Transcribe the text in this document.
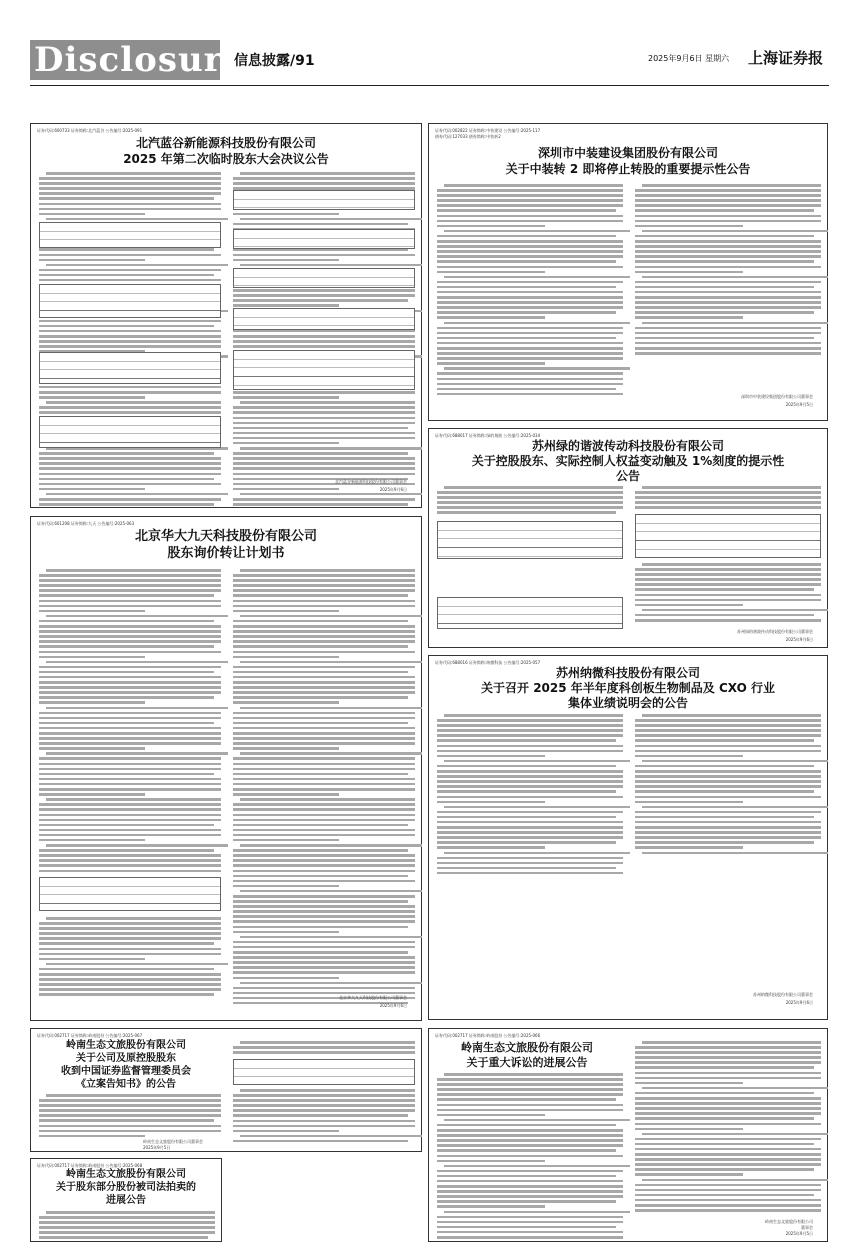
Disclosure
信息披露/91	2025年9月6日 星期六 上海证券报
证券代码:600733 证券简称:北汽蓝谷 公告编号:2025-091
北汽蓝谷新能源科技股份有限公司
2025 年第二次临时股东大会决议公告
北汽蓝谷新能源科技股份有限公司董事会
2025年9月6日
证券代码:002822 证券简称:中装建设 公告编号:2025-117
债券代码:127033 债券简称:中装转2
深圳市中装建设集团股份有限公司
关于中装转 2 即将停止转股的重要提示性公告
深圳市中装建设集团股份有限公司董事会
2025年9月5日
证券代码:688017 证券简称:绿的谐波 公告编号:2025-034
苏州绿的谐波传动科技股份有限公司
关于控股股东、实际控制人权益变动触及 1%刻度的提示性
公告
苏州绿的谐波传动科技股份有限公司董事会
2025年9月6日
证券代码:601208 证券简称:九天 公告编号:2025-063
北京华大九天科技股份有限公司
股东询价转让计划书
北京华大九天科技股份有限公司董事会
2025年9月6日
证券代码:688016 证券简称:纳微科技 公告编号:2025-057
苏州纳微科技股份有限公司
关于召开 2025 年半年度科创板生物制品及 CXO 行业
集体业绩说明会的公告
苏州纳微科技股份有限公司董事会
2025年9月6日
证券代码:002717 证券简称:岭南股份 公告编号:2025-067
岭南生态文旅股份有限公司
关于公司及原控股股东
收到中国证券监督管理委员会
《立案告知书》的公告
岭南生态文旅股份有限公司董事会
2025年9月5日
证券代码:002717 证券简称:岭南股份 公告编号:2025-068
岭南生态文旅股份有限公司
关于股东部分股份被司法拍卖的
进展公告
证券代码:002717 证券简称:岭南股份 公告编号:2025-066
岭南生态文旅股份有限公司
关于重大诉讼的进展公告
岭南生态文旅股份有限公司
董事会
2025年9月5日
